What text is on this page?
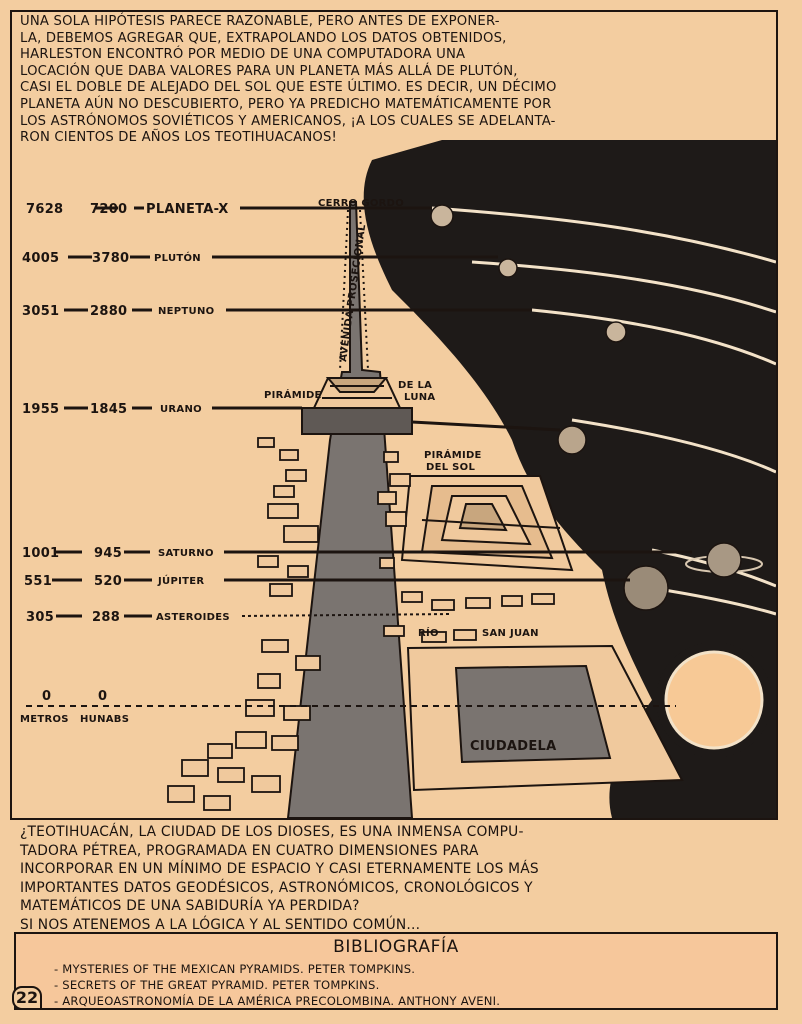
UNA SOLA HIPÓTESIS PARECE RAZONABLE, PERO ANTES DE EXPONER-
LA, DEBEMOS AGREGAR QUE, EXTRAPOLANDO LOS DATOS OBTENIDOS,
HARLESTON ENCONTRÓ POR MEDIO DE UNA COMPUTADORA UNA
LOCACIÓN QUE DABA VALORES PARA UN PLANETA MÁS ALLÁ DE PLUTÓN,
CASI EL DOBLE DE ALEJADO DEL SOL QUE ESTE ÚLTIMO. ES DECIR, UN DÉCIMO
PLANETA AÚN NO DESCUBIERTO, PERO YA PREDICHO MATEMÁTICAMENTE POR
LOS ASTRÓNOMOS SOVIÉTICOS Y AMERICANOS, ¡A LOS CUALES SE ADELANTA-
RON CIENTOS DE AÑOS LOS TEOTIHUACANOS!
7628 7200 PLANETA-X
4005	3780 PLUTÓN
3051 2880	NEPTUNO
1955 1845	URANO
1001	945	SATURNO
551	520	JÚPITER
305	288	ASTEROIDES
0	0
METROS HUNABS
CERRO GORDO
AVENIDA PROSECIONAL
PIRÁMIDE
DE LA
LUNA
PIRÁMIDE
DEL SOL
RÍO	SAN JUAN
CIUDADELA
¿TEOTIHUACÁN, LA CIUDAD DE LOS DIOSES, ES UNA INMENSA COMPU-
TADORA PÉTREA, PROGRAMADA EN CUATRO DIMENSIONES PARA
INCORPORAR EN UN MÍNIMO DE ESPACIO Y CASI ETERNAMENTE LOS MÁS
IMPORTANTES DATOS GEODÉSICOS, ASTRONÓMICOS, CRONOLÓGICOS Y
MATEMÁTICOS DE UNA SABIDURÍA YA PERDIDA?
SI NOS ATENEMOS A LA LÓGICA Y AL SENTIDO COMÚN...
BIBLIOGRAFÍA
- MYSTERIES OF THE MEXICAN PYRAMIDS. PETER TOMPKINS.
- SECRETS OF THE GREAT PYRAMID. PETER TOMPKINS.
- ARQUEOASTRONOMÍA DE LA AMÉRICA PRECOLOMBINA. ANTHONY AVENI.
22
